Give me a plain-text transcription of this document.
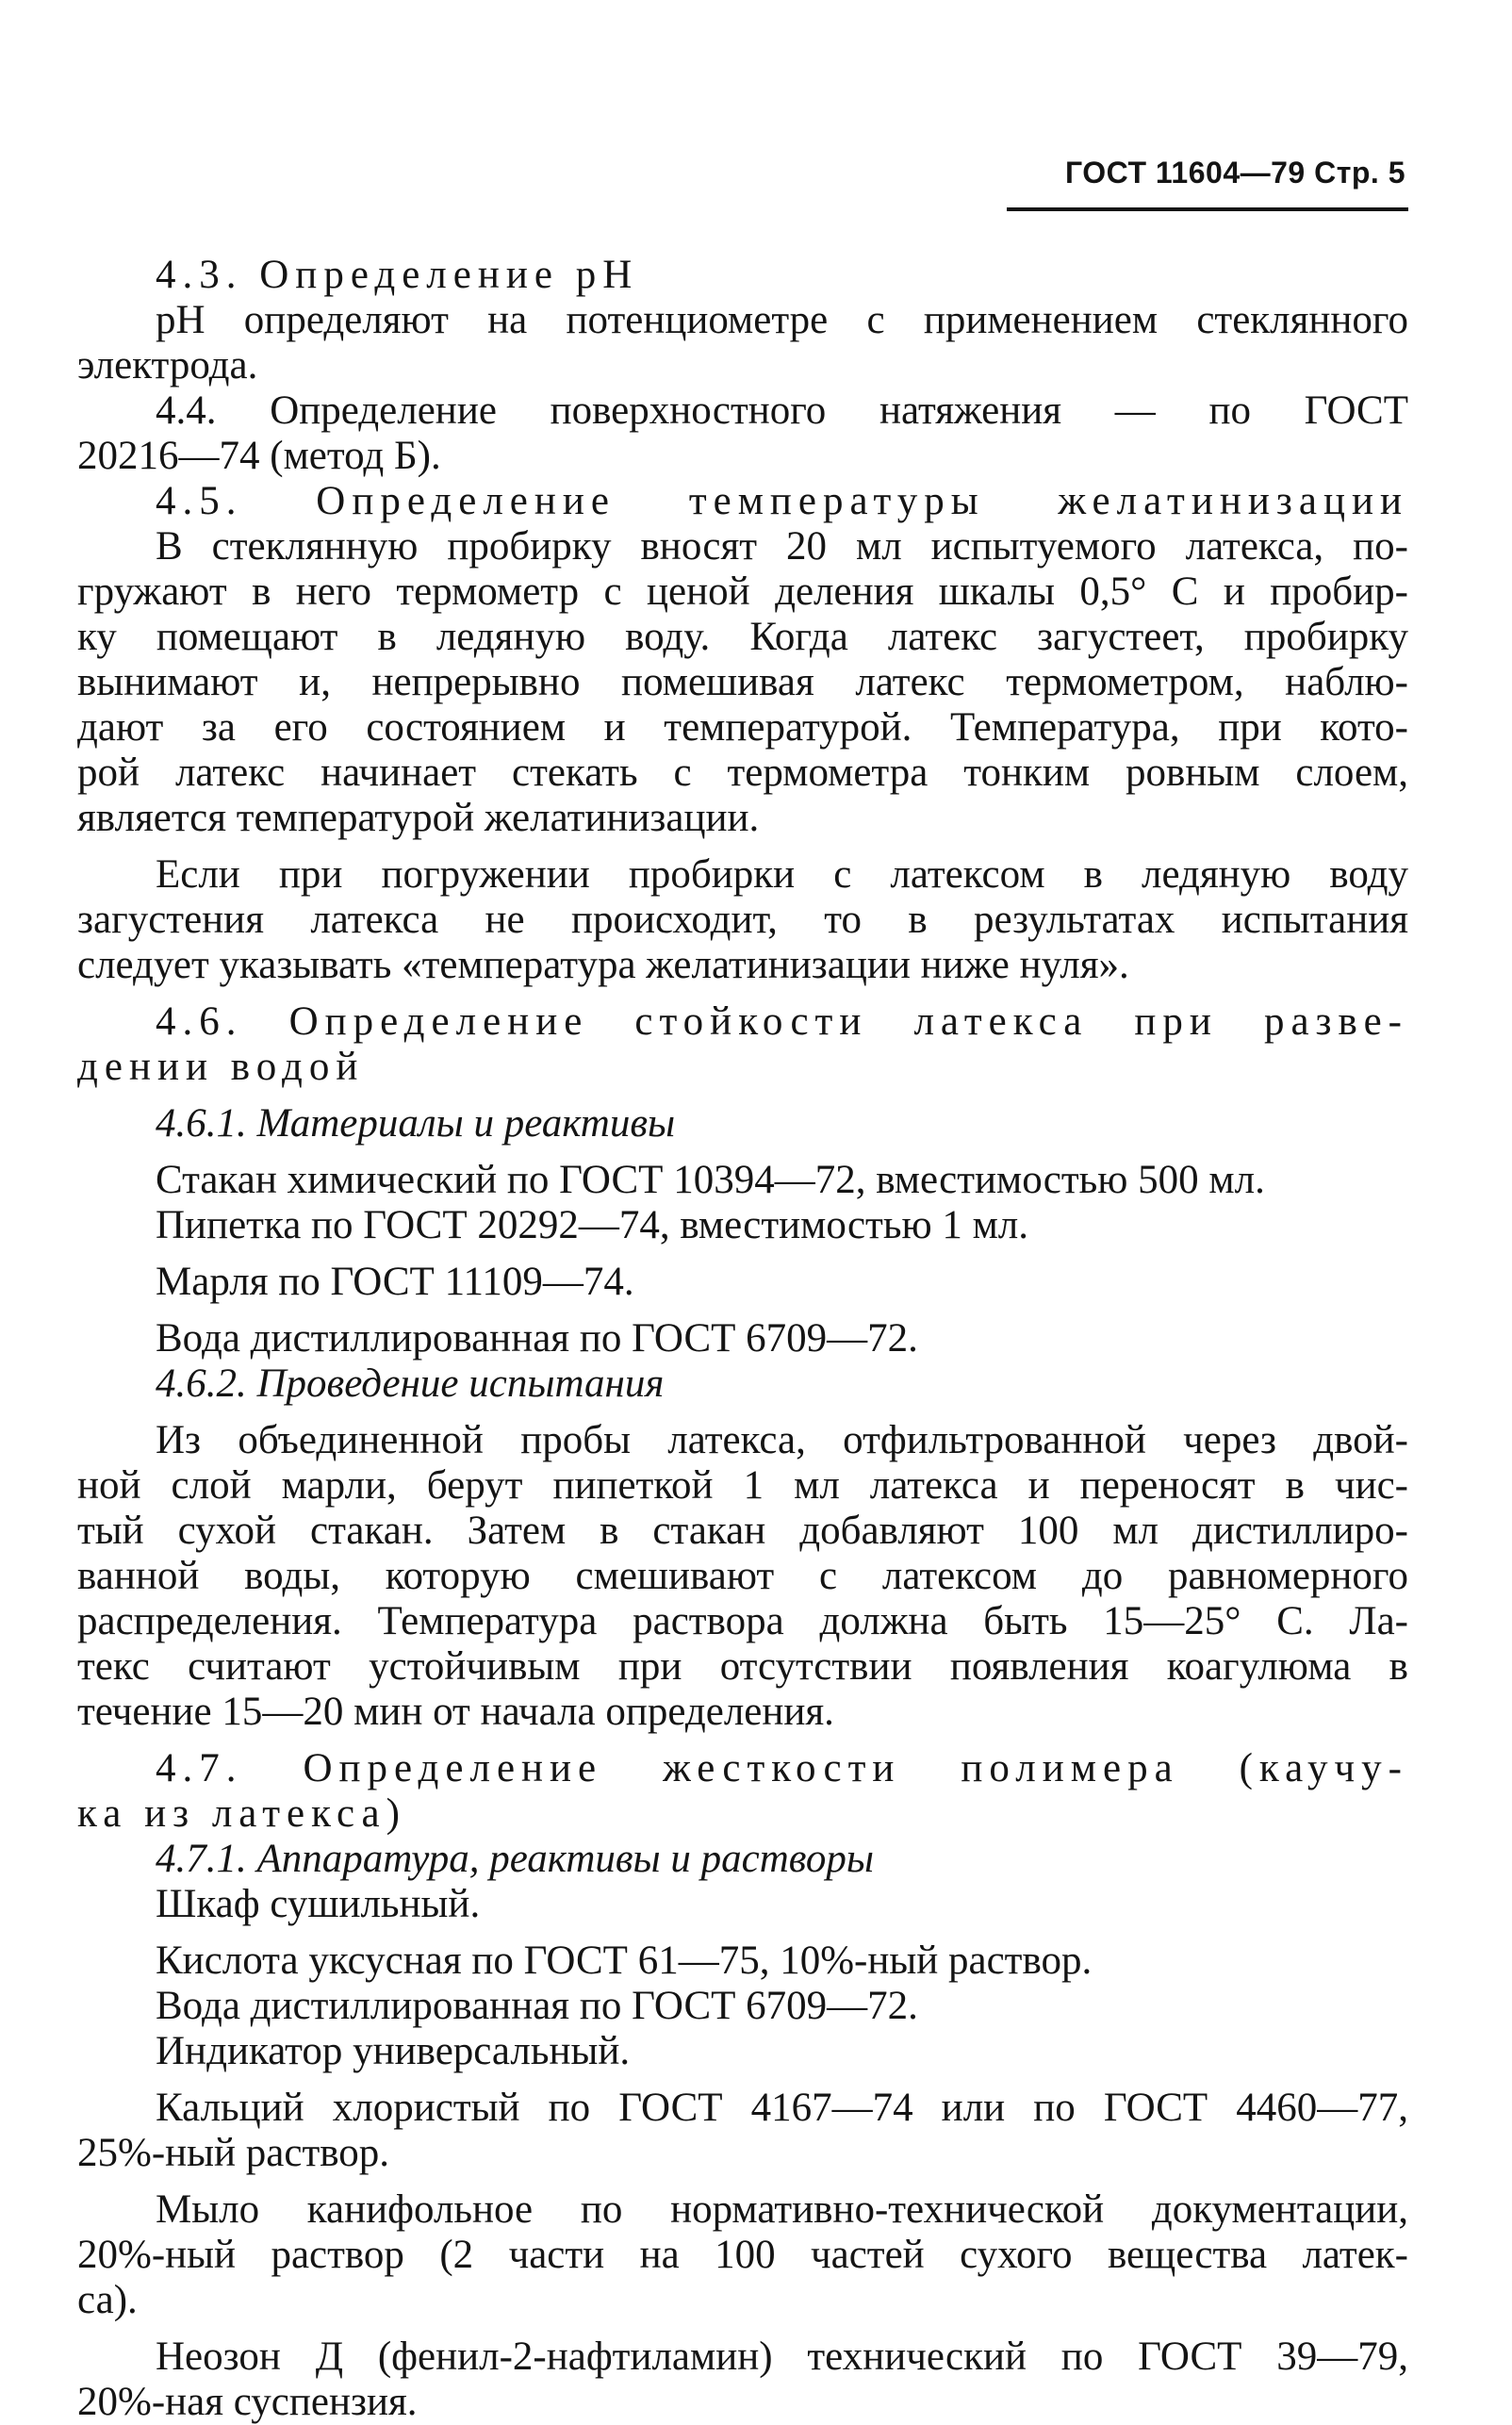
ГОСТ 11604—79 Стр. 5
4.3. Определение pH
pH определяют на потенциометре с применением стеклянного
электрода.
4.4. Определение поверхностного натяжения — по ГОСТ
20216—74 (метод Б).
4.5. Определение температуры желатинизации
В стеклянную пробирку вносят 20 мл испытуемого латекса, по-
гружают в него термометр с ценой деления шкалы 0,5° С и пробир-
ку помещают в ледяную воду. Когда латекс загустеет, пробирку
вынимают и, непрерывно помешивая латекс термометром, наблю-
дают за его состоянием и температурой. Температура, при кото-
рой латекс начинает стекать с термометра тонким ровным слоем,
является температурой желатинизации.
Если при погружении пробирки с латексом в ледяную воду
загустения латекса не происходит, то в результатах испытания
следует указывать «температура желатинизации ниже нуля».
4.6. Определение стойкости латекса при разве-
дении водой
4.6.1. Материалы и реактивы
Стакан химический по ГОСТ 10394—72, вместимостью 500 мл.
Пипетка по ГОСТ 20292—74, вместимостью 1 мл.
Марля по ГОСТ 11109—74.
Вода дистиллированная по ГОСТ 6709—72.
4.6.2. Проведение испытания
Из объединенной пробы латекса, отфильтрованной через двой-
ной слой марли, берут пипеткой 1 мл латекса и переносят в чис-
тый сухой стакан. Затем в стакан добавляют 100 мл дистиллиро-
ванной воды, которую смешивают с латексом до равномерного
распределения. Температура раствора должна быть 15—25° С. Ла-
текс считают устойчивым при отсутствии появления коагулюма в
течение 15—20 мин от начала определения.
4.7. Определение жесткости полимера (каучу-
ка из латекса)
4.7.1. Аппаратура, реактивы и растворы
Шкаф сушильный.
Кислота уксусная по ГОСТ 61—75, 10%-ный раствор.
Вода дистиллированная по ГОСТ 6709—72.
Индикатор универсальный.
Кальций хлористый по ГОСТ 4167—74 или по ГОСТ 4460—77,
25%-ный раствор.
Мыло канифольное по нормативно-технической документации,
20%-ный раствор (2 части на 100 частей сухого вещества латек-
са).
Неозон Д (фенил-2-нафтиламин) технический по ГОСТ 39—79,
20%-ная суспензия.
